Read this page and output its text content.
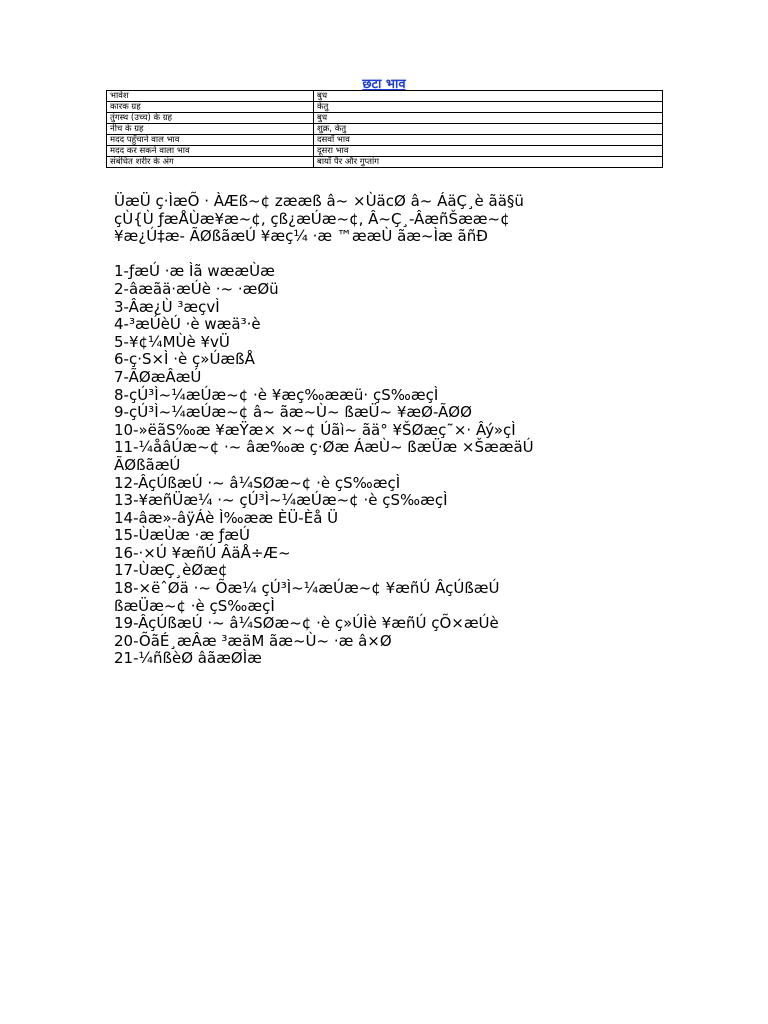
छटा भाव
भावेश	बुध
कारक ग्रह	केतु
तुंगस्थ (उच्च) के ग्रह	बुध
नीच के ग्रह	शुक्र, केतु
मदद पहुँचाने वाल भाव	दसवाँ भाव
मदद कर सकने वाला भाव	दूसरा भाव
संबंधित शरीर के अंग	बायाँ पैर और गुप्तांग
ÜæÜ ç·ÌæÕ · ÀÆß~¢ zææß â~ ×ÙäcØ â~ ÁäÇ¸è ãä§ü
çÙ{Ù ƒæÅÙæ¥æ~¢, çß¿æÚæ~¢, Â~Ç¸-ÂæñŠææ~¢
¥æ¿Ú‡æ- ÃØßãæÚ ¥æç¼ ·æ ™ææÙ ãæ~Ìæ ãñÐ
1-ƒæÚ ·æ Ìã wææÙæ
2-âæãä·æÚè ·~ ·æØü
3-Âæ¿Ù ³æçvÌ
4-³æÚèÚ ·è wæä³·è
5-¥¢¼MÙè ¥vÜ
6-ç·S×Ì ·è ç»ÚæßÅ
7-ÃØæÂæÚ
8-çÚ³Ì~¼æÚæ~¢ ·è ¥æç‰ææü· çS‰æçÌ
9-çÚ³Ì~¼æÚæ~¢ â~ ãæ~Ù~ ßæÜ~ ¥æØ-ÃØØ
10-»ëãS‰æ ¥æŸæ× ×~¢ Úãì~ ãä° ¥ŠØæç˜×· Âý»çÌ
11-¼åâÚæ~¢ ·~ âæ‰æ ç·Øæ ÁæÙ~ ßæÜæ ×ŠææäÚ
ÃØßãæÚ
12-ÂçÚßæÚ ·~ â¼SØæ~¢ ·è çS‰æçÌ
13-¥æñÜæ¼ ·~ çÚ³Ì~¼æÚæ~¢ ·è çS‰æçÌ
14-âæ»-âÿÁè Ì‰ææ ÈÜ-Èå Ü
15-ÙæÙæ ·æ ƒæÚ
16-·×Ú ¥æñÚ ÂäÅ÷Æ~
17-ÙæÇ¸èØæ¢
18-×ëˆØä ·~ Õæ¼ çÚ³Ì~¼æÚæ~¢ ¥æñÚ ÂçÚßæÚ
ßæÜæ~¢ ·è çS‰æçÌ
19-ÂçÚßæÚ ·~ â¼SØæ~¢ ·è ç»ÚÌè ¥æñÚ çÕ×æÚè
20-ÕãÉ¸æÂæ ³æäM ãæ~Ù~ ·æ â×Ø
21-¼ñßèØ âãæØÌæ
